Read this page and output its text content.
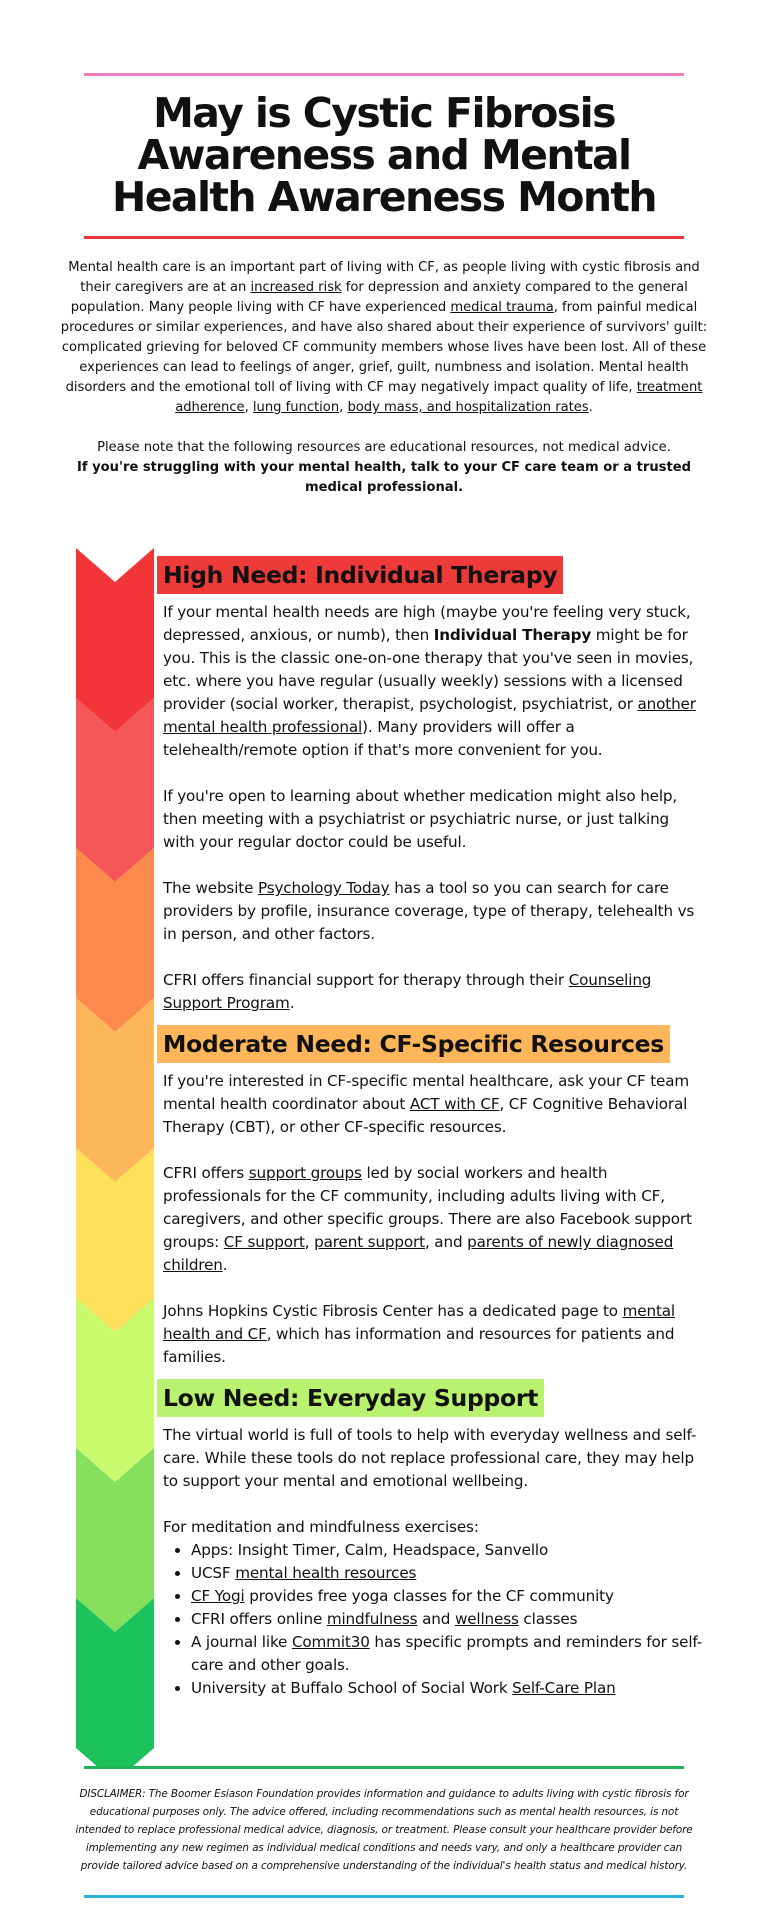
May is Cystic Fibrosis
Awareness and Mental
Health Awareness Month

Mental health care is an important part of living with CF, as people living with cystic fibrosis and their caregivers are at an increased risk for depression and anxiety compared to the general population. Many people living with CF have experienced medical trauma, from painful medical procedures or similar experiences, and have also shared about their experience of survivors' guilt: complicated grieving for beloved CF community members whose lives have been lost. All of these experiences can lead to feelings of anger, grief, guilt, numbness and isolation. Mental health disorders and the emotional toll of living with CF may negatively impact quality of life, treatment adherence, lung function, body mass, and hospitalization rates.

Please note that the following resources are educational resources, not medical advice.

If you're struggling with your mental health, talk to your CF care team or a trusted medical professional.

High Need: Individual Therapy

If your mental health needs are high (maybe you're feeling very stuck, depressed, anxious, or numb), then Individual Therapy might be for you. This is the classic one-on-one therapy that you've seen in movies, etc. where you have regular (usually weekly) sessions with a licensed provider (social worker, therapist, psychologist, psychiatrist, or another mental health professional). Many providers will offer a telehealth/remote option if that's more convenient for you.

If you're open to learning about whether medication might also help, then meeting with a psychiatrist or psychiatric nurse, or just talking with your regular doctor could be useful.

The website Psychology Today has a tool so you can search for care providers by profile, insurance coverage, type of therapy, telehealth vs in person, and other factors.

CFRI offers financial support for therapy through their Counseling Support Program.

Moderate Need: CF-Specific Resources

If you're interested in CF-specific mental healthcare, ask your CF team mental health coordinator about ACT with CF, CF Cognitive Behavioral Therapy (CBT), or other CF-specific resources.

CFRI offers support groups led by social workers and health professionals for the CF community, including adults living with CF, caregivers, and other specific groups. There are also Facebook support groups: CF support, parent support, and parents of newly diagnosed children.

Johns Hopkins Cystic Fibrosis Center has a dedicated page to mental health and CF, which has information and resources for patients and families.

Low Need: Everyday Support

The virtual world is full of tools to help with everyday wellness and self-care. While these tools do not replace professional care, they may help to support your mental and emotional wellbeing.

For meditation and mindfulness exercises:
• Apps: Insight Timer, Calm, Headspace, Sanvello
• UCSF mental health resources
• CF Yogi provides free yoga classes for the CF community
• CFRI offers online mindfulness and wellness classes
• A journal like Commit30 has specific prompts and reminders for self-care and other goals.
• University at Buffalo School of Social Work Self-Care Plan
DISCLAIMER: The Boomer Esiason Foundation provides information and guidance to adults living with cystic fibrosis for educational purposes only. The advice offered, including recommendations such as mental health resources, is not intended to replace professional medical advice, diagnosis, or treatment. Please consult your healthcare provider before implementing any new regimen as individual medical conditions and needs vary, and only a healthcare provider can provide tailored advice based on a comprehensive understanding of the individual's health status and medical history.
